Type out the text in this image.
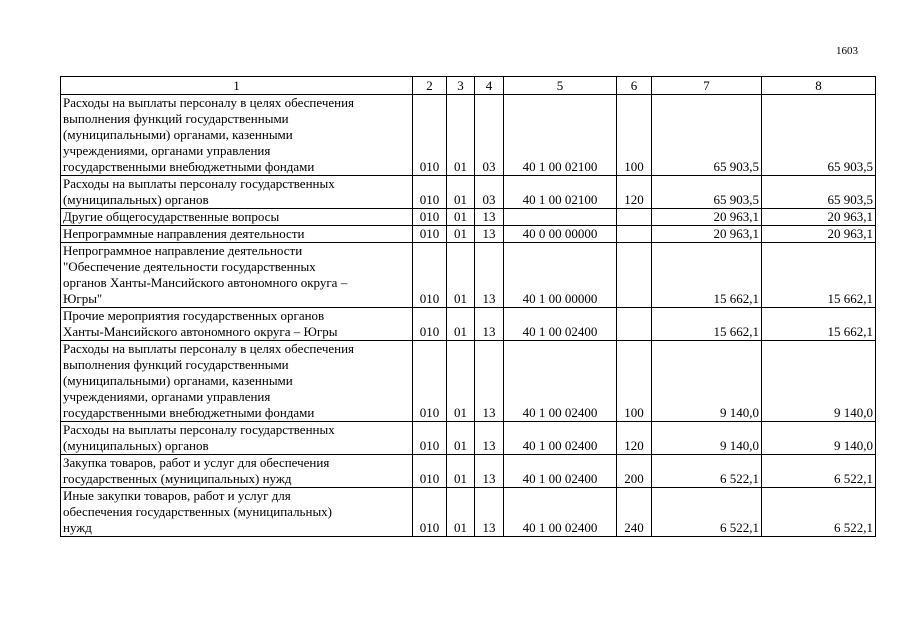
1603
1	2	3	4	5	6	7	8

Расходы на выплаты персоналу в целях обеспечения
выполнения функций государственными
(муниципальными) органами, казенными
учреждениями, органами управления
государственными внебюджетными фондами	010	01	03	40 1 00 02100	100	65 903,5	65 903,5

Расходы на выплаты персоналу государственных
(муниципальных) органов	010	01	03	40 1 00 02100	120	65 903,5	65 903,5

Другие общегосударственные вопросы	010	01	13			20 963,1	20 963,1

Непрограммные направления деятельности	010	01	13	40 0 00 00000		20 963,1	20 963,1

Непрограммное направление деятельности
"Обеспечение деятельности государственных
органов Ханты-Мансийского автономного округа –
Югры"	010	01	13	40 1 00 00000		15 662,1	15 662,1

Прочие мероприятия государственных органов
Ханты-Мансийского автономного округа – Югры	010	01	13	40 1 00 02400		15 662,1	15 662,1

Расходы на выплаты персоналу в целях обеспечения
выполнения функций государственными
(муниципальными) органами, казенными
учреждениями, органами управления
государственными внебюджетными фондами	010	01	13	40 1 00 02400	100	9 140,0	9 140,0

Расходы на выплаты персоналу государственных
(муниципальных) органов	010	01	13	40 1 00 02400	120	9 140,0	9 140,0

Закупка товаров, работ и услуг для обеспечения
государственных (муниципальных) нужд	010	01	13	40 1 00 02400	200	6 522,1	6 522,1

Иные закупки товаров, работ и услуг для
обеспечения государственных (муниципальных)
нужд	010	01	13	40 1 00 02400	240	6 522,1	6 522,1
